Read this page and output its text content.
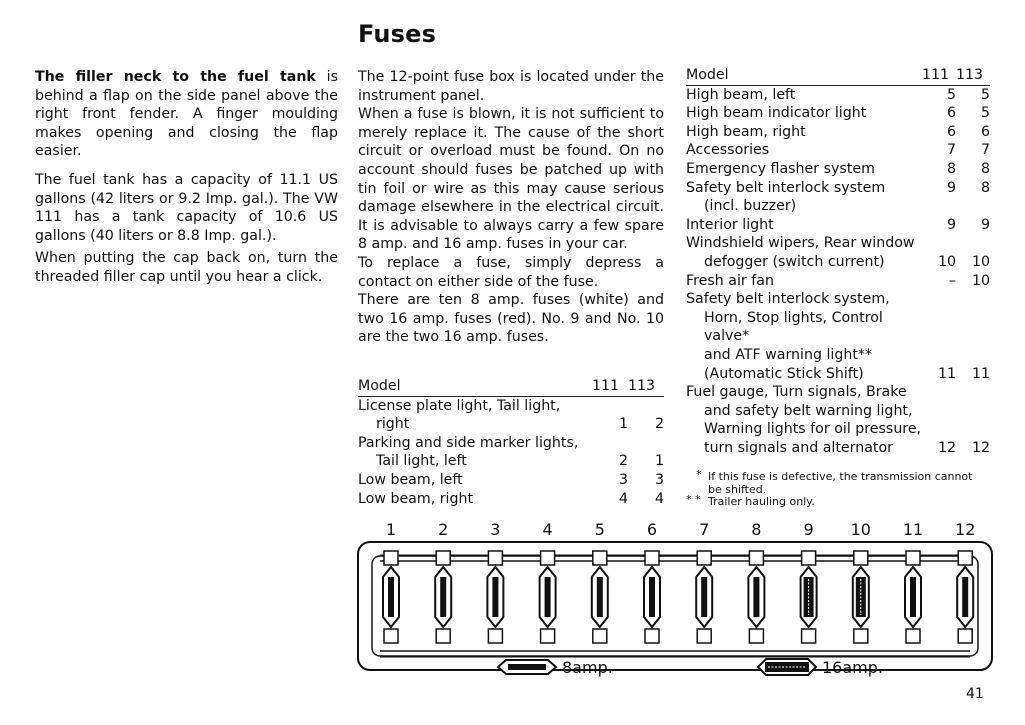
Fuses

The filler neck to the fuel tank is behind a flap on the side panel above the right front fender. A finger moulding makes opening and closing the flap easier.

The fuel tank has a capacity of 11.1 US gallons (42 liters or 9.2 Imp. gal.). The VW 111 has a tank capacity of 10.6 US gallons (40 liters or 8.8 Imp. gal.).

When putting the cap back on, turn the threaded filler cap until you hear a click.

The 12-point fuse box is located under the instrument panel.

When a fuse is blown, it is not sufficient to merely replace it. The cause of the short circuit or overload must be found. On no account should fuses be patched up with tin foil or wire as this may cause serious damage elsewhere in the electrical circuit. It is advisable to always carry a few spare 8 amp. and 16 amp. fuses in your car.

To replace a fuse, simply depress a contact on either side of the fuse.

There are ten 8 amp. fuses (white) and two 16 amp. fuses (red). No. 9 and No. 10 are the two 16 amp. fuses.

Model	111	113
License plate light, Tail light,		
right	1	2
Parking and side marker lights,		
Tail light, left	2	1
Low beam, left	3	3
Low beam, right	4	4
Model	111	113
High beam, left	5	5
High beam indicator light	6	5
High beam, right	6	6
Accessories	7	7
Emergency flasher system	8	8
Safety belt interlock system	9	8
(incl. buzzer)		
Interior light	9	9
Windshield wipers, Rear window		
defogger (switch current)	10	10
Fresh air fan	–	10
Safety belt interlock system,		
Horn, Stop lights, Control valve*		
and ATF warning light**		
(Automatic Stick Shift)	11	11
Fuel gauge, Turn signals, Brake		
and safety belt warning light,		
Warning lights for oil pressure,		
turn signals and alternator	12	12
* If this fuse is defective, the transmission cannot
be shifted.
* * Trailer hauling only.
1	2	3	4	5	6	7	8	9 10 11 12
8amp.	16amp.
41
